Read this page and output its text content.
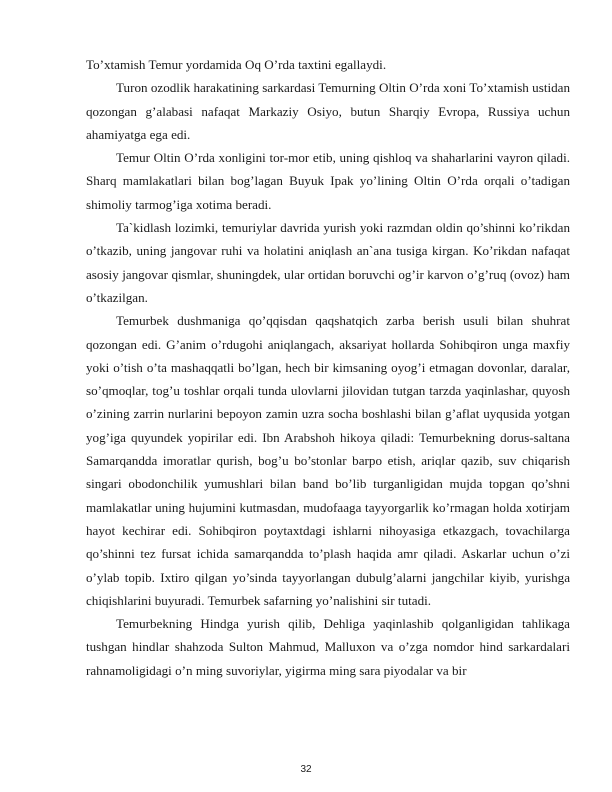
To’xtamish Temur yordamida Oq O’rda taxtini egallaydi.

Turon ozodlik harakatining sarkardasi Temurning Oltin O’rda xoni To’xtamish ustidan qozongan g’alabasi nafaqat Markaziy Osiyo, butun Sharqiy Evropa, Russiya uchun ahamiyatga ega edi.

Temur Oltin O’rda xonligini tor-mor etib, uning qishloq va shaharlarini vayron qiladi. Sharq mamlakatlari bilan bog’lagan Buyuk Ipak yo’lining Oltin O’rda orqali o’tadigan shimoliy tarmog’iga xotima beradi.

Ta`kidlash lozimki, temuriylar davrida yurish yoki razmdan oldin qo’shinni ko’rikdan o’tkazib, uning jangovar ruhi va holatini aniqlash an`ana tusiga kirgan. Ko’rikdan nafaqat asosiy jangovar qismlar, shuningdek, ular ortidan boruvchi og’ir karvon o’g’ruq (ovoz) ham o’tkazilgan.

Temurbek dushmaniga qo’qqisdan qaqshatqich zarba berish usuli bilan shuhrat qozongan edi. G’anim o’rdugohi aniqlangach, aksariyat hollarda Sohibqiron unga maxfiy yoki o’tish o’ta mashaqqatli bo’lgan, hech bir kimsaning oyog’i etmagan dovonlar, daralar, so’qmoqlar, tog’u toshlar orqali tunda ulovlarni jilovidan tutgan tarzda yaqinlashar, quyosh o’zining zarrin nurlarini bepoyon zamin uzra socha boshlashi bilan g’aflat uyqusida yotgan yog’iga quyundek yopirilar edi. Ibn Arabshoh hikoya qiladi: Temurbekning dorus-saltana Samarqandda imoratlar qurish, bog’u bo’stonlar barpo etish, ariqlar qazib, suv chiqarish singari obodonchilik yumushlari bilan band bo’lib turganligidan mujda topgan qo’shni mamlakatlar uning hujumini kutmasdan, mudofaaga tayyorgarlik ko’rmagan holda xotirjam hayot kechirar edi. Sohibqiron poytaxtdagi ishlarni nihoyasiga etkazgach, tovachilarga qo’shinni tez fursat ichida samarqandda to’plash haqida amr qiladi. Askarlar uchun o’zi o’ylab topib. Ixtiro qilgan yo’sinda tayyorlangan dubulg’alarni jangchilar kiyib, yurishga chiqishlarini buyuradi. Temurbek safarning yo’nalishini sir tutadi.

Temurbekning Hindga yurish qilib, Dehliga yaqinlashib qolganligidan tahlikaga tushgan hindlar shahzoda Sulton Mahmud, Malluxon va o’zga nomdor hind sarkardalari rahnamoligidagi o’n ming suvoriylar, yigirma ming sara piyodalar va bir

32
